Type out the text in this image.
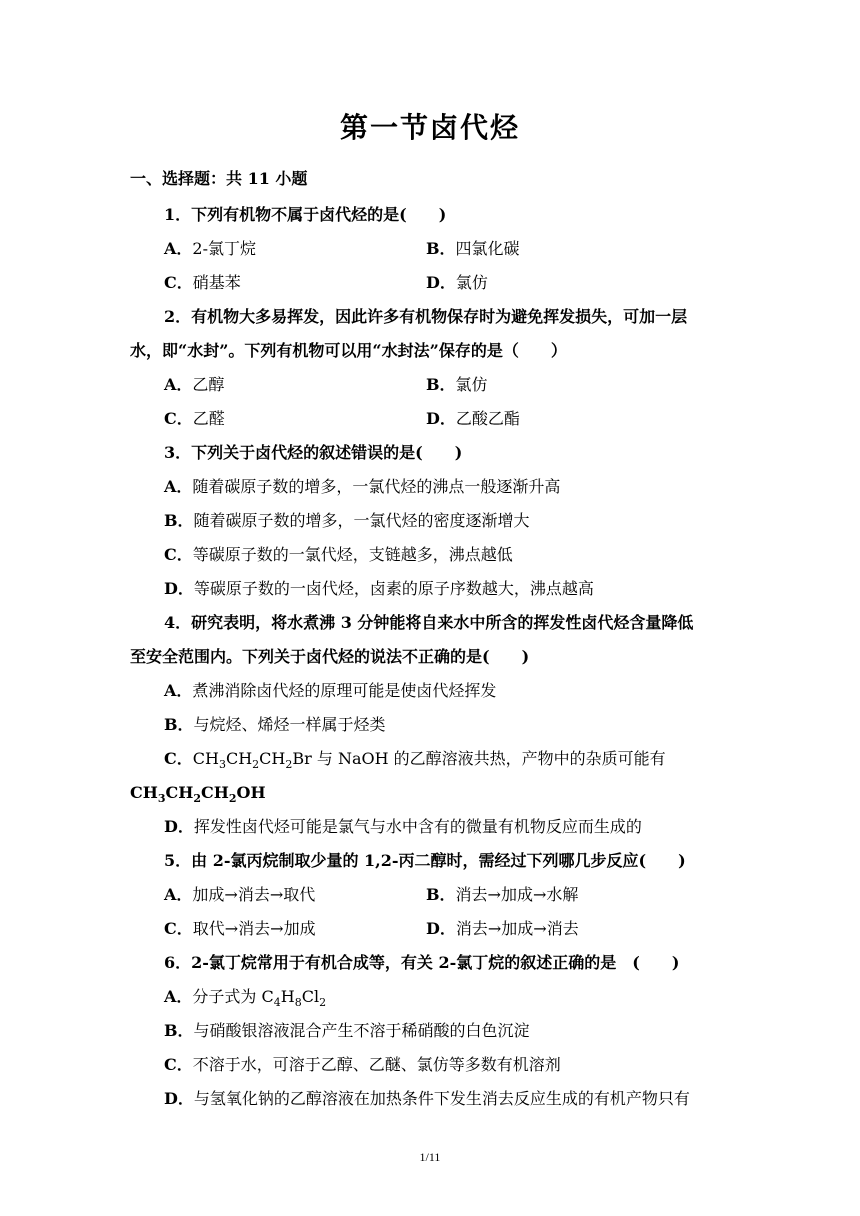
第一节卤代烃

一、选择题：共 11 小题

1．下列有机物不属于卤代烃的是(　　)
A．2-氯丁烷	B．四氯化碳
C．硝基苯	D．氯仿
2．有机物大多易挥发，因此许多有机物保存时为避免挥发损失，可加一层
水，即“水封”。下列有机物可以用“水封法”保存的是（　　）
A．乙醇	B．氯仿
C．乙醛	D．乙酸乙酯
3．下列关于卤代烃的叙述错误的是(　　)
A．随着碳原子数的增多，一氯代烃的沸点一般逐渐升高
B．随着碳原子数的增多，一氯代烃的密度逐渐增大
C．等碳原子数的一氯代烃，支链越多，沸点越低
D．等碳原子数的一卤代烃，卤素的原子序数越大，沸点越高
4．研究表明，将水煮沸 3 分钟能将自来水中所含的挥发性卤代烃含量降低
至安全范围内。下列关于卤代烃的说法不正确的是(　　)
A．煮沸消除卤代烃的原理可能是使卤代烃挥发
B．与烷烃、烯烃一样属于烃类
C．$CH_3CH_2CH_2Br$ 与 NaOH 的乙醇溶液共热，产物中的杂质可能有
$CH_3CH_2CH_2OH$
D．挥发性卤代烃可能是氯气与水中含有的微量有机物反应而生成的
5．由 2-氯丙烷制取少量的 1,2-丙二醇时，需经过下列哪几步反应(　　)
A．加成→消去→取代	B．消去→加成→水解
C．取代→消去→加成	D．消去→加成→消去
6．2-氯丁烷常用于有机合成等，有关 2-氯丁烷的叙述正确的是　(　　)
A．分子式为 $C_4H_8Cl_2$
B．与硝酸银溶液混合产生不溶于稀硝酸的白色沉淀
C．不溶于水，可溶于乙醇、乙醚、氯仿等多数有机溶剂
D．与氢氧化钠的乙醇溶液在加热条件下发生消去反应生成的有机产物只有
1/11
